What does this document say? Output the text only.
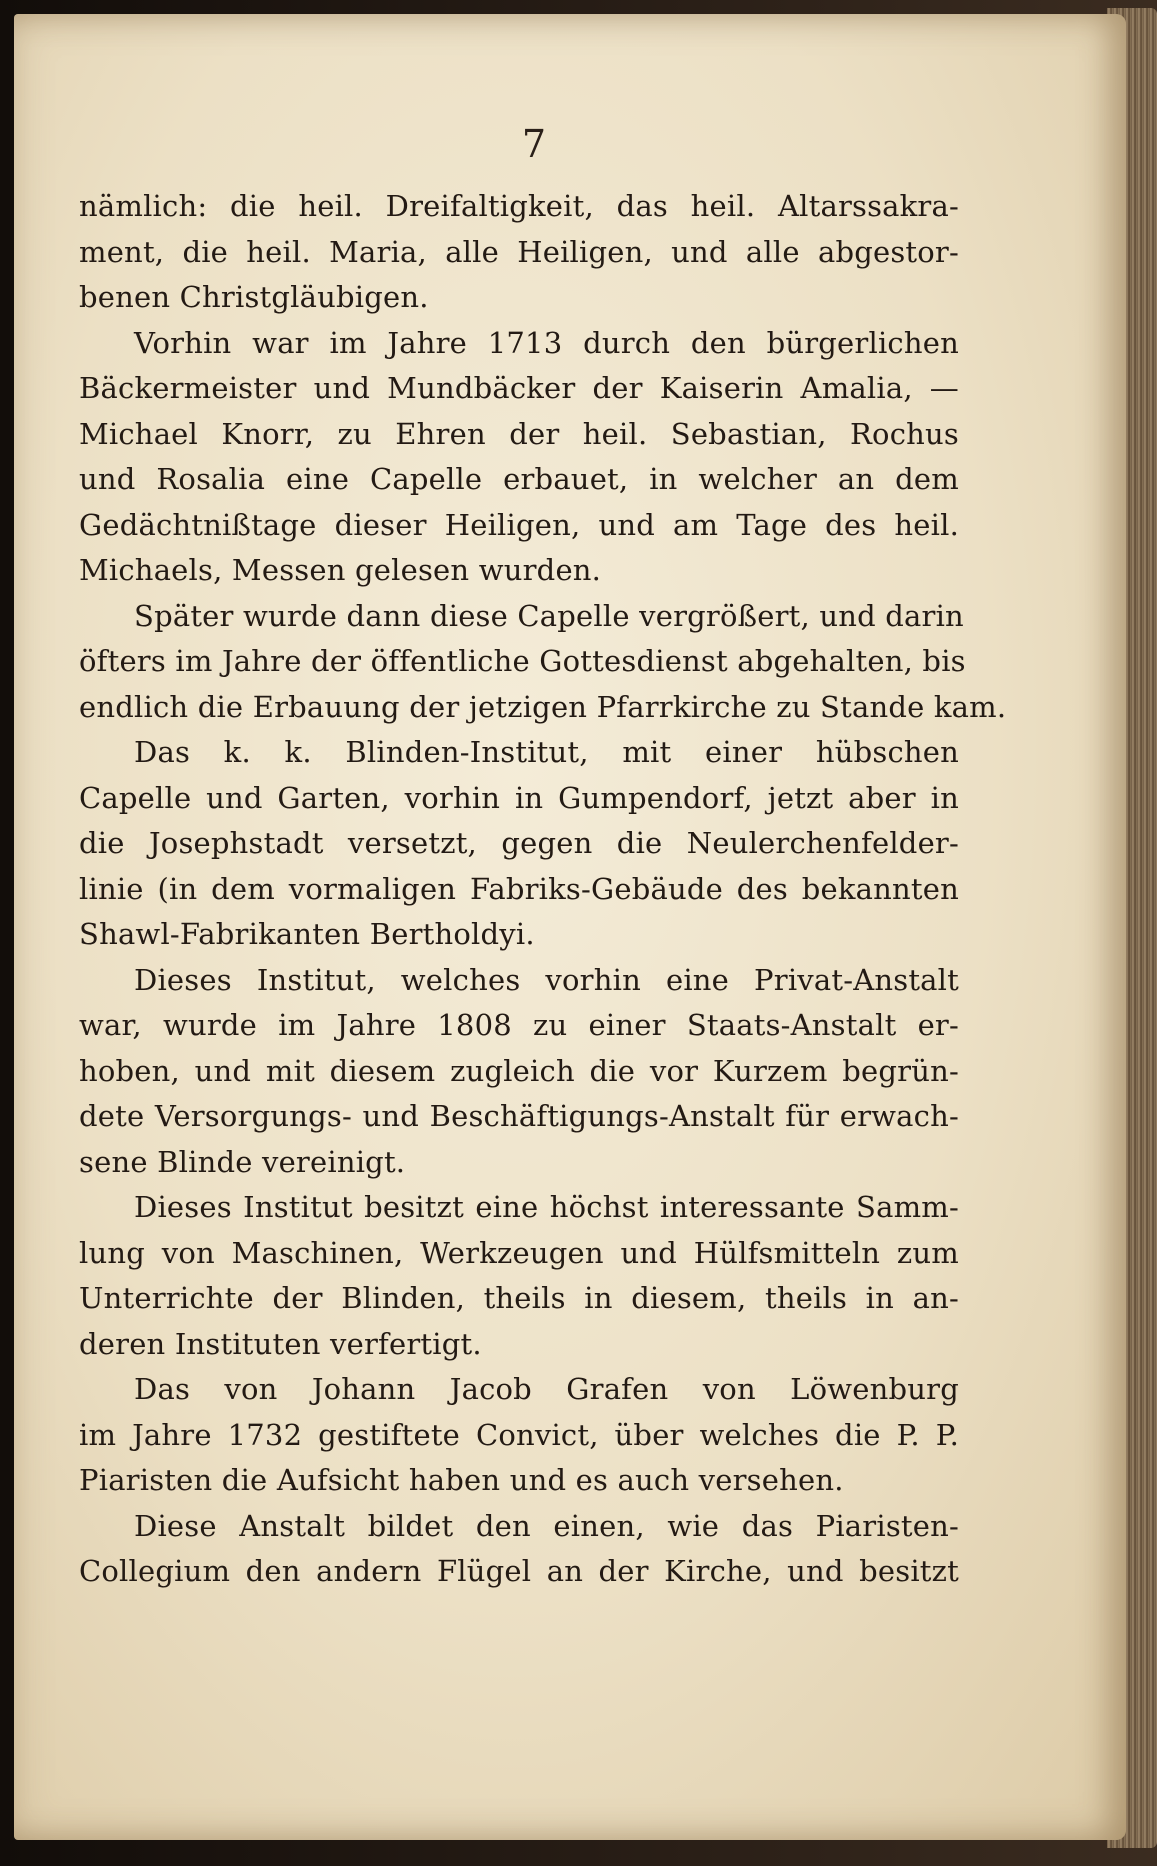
7
nämlich: die heil. Dreifaltigkeit, das heil. Altarssakra-
ment, die heil. Maria, alle Heiligen, und alle abgestor-
benen Christgläubigen.
Vorhin war im Jahre 1713 durch den bürgerlichen
Bäckermeister und Mundbäcker der Kaiserin Amalia, —
Michael Knorr, zu Ehren der heil. Sebastian, Rochus
und Rosalia eine Capelle erbauet, in welcher an dem
Gedächtnißtage dieser Heiligen, und am Tage des heil.
Michaels, Messen gelesen wurden.
Später wurde dann diese Capelle vergrößert, und darin
öfters im Jahre der öffentliche Gottesdienst abgehalten, bis
endlich die Erbauung der jetzigen Pfarrkirche zu Stande kam.
Das k. k. Blinden-Institut, mit einer hübschen
Capelle und Garten, vorhin in Gumpendorf, jetzt aber in
die Josephstadt versetzt, gegen die Neulerchenfelder-
linie (in dem vormaligen Fabriks-Gebäude des bekannten
Shawl-Fabrikanten Bertholdyi.
Dieses Institut, welches vorhin eine Privat-Anstalt
war, wurde im Jahre 1808 zu einer Staats-Anstalt er-
hoben, und mit diesem zugleich die vor Kurzem begrün-
dete Versorgungs- und Beschäftigungs-Anstalt für erwach-
sene Blinde vereinigt.
Dieses Institut besitzt eine höchst interessante Samm-
lung von Maschinen, Werkzeugen und Hülfsmitteln zum
Unterrichte der Blinden, theils in diesem, theils in an-
deren Instituten verfertigt.
Das von Johann Jacob Grafen von Löwenburg
im Jahre 1732 gestiftete Convict, über welches die P. P.
Piaristen die Aufsicht haben und es auch versehen.
Diese Anstalt bildet den einen, wie das Piaristen-
Collegium den andern Flügel an der Kirche, und besitzt
